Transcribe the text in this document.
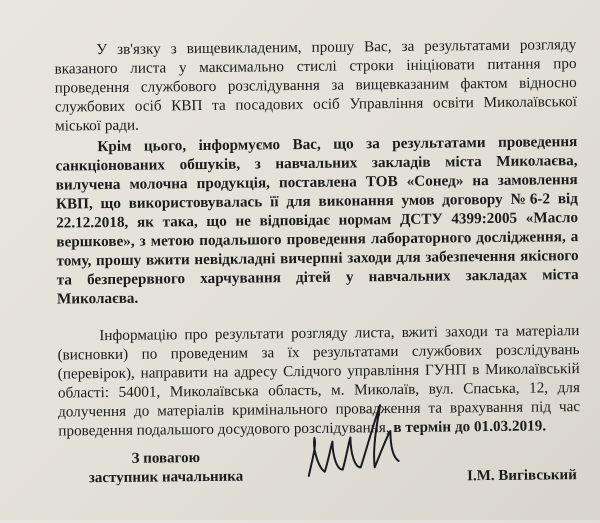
У зв'язку з вищевикладеним, прошу Вас, за результатами розгляду вказаного листа у максимально стислі строки ініціювати питання про проведення службового розслідування за вищевказаним фактом відносно службових осіб КВП та посадових осіб Управління освіти Миколаївської міської ради.

Крім цього, інформуємо Вас, що за результатами проведення санкціонованих обшуків, з навчальних закладів міста Миколаєва, вилучена молочна продукція, поставлена ТОВ «Сонед» на замовлення КВП, що використовувалась її для виконання умов договору №6-2 від 22.12.2018, як така, що не відповідає нормам ДСТУ 4399:2005 «Масло вершкове», з метою подальшого проведення лабораторного дослідження, а тому, прошу вжити невідкладні вичерпні заходи для забезпечення якісного та безперервного харчування дітей у навчальних закладах міста Миколаєва.

Інформацію про результати розгляду листа, вжиті заходи та матеріали (висновки) по проведеним за їх результатами службових розслідувань (перевірок), направити на адресу Слідчого управління ГУНП в Миколаївській області: 54001, Миколаївська область, м. Миколаїв, вул. Спаська, 12, для долучення до матеріалів кримінального провадження та врахування під час проведення подальшого досудового розслідування, в термін до 01.03.2019.

З повагою
заступник начальника	І.М. Вигівський
